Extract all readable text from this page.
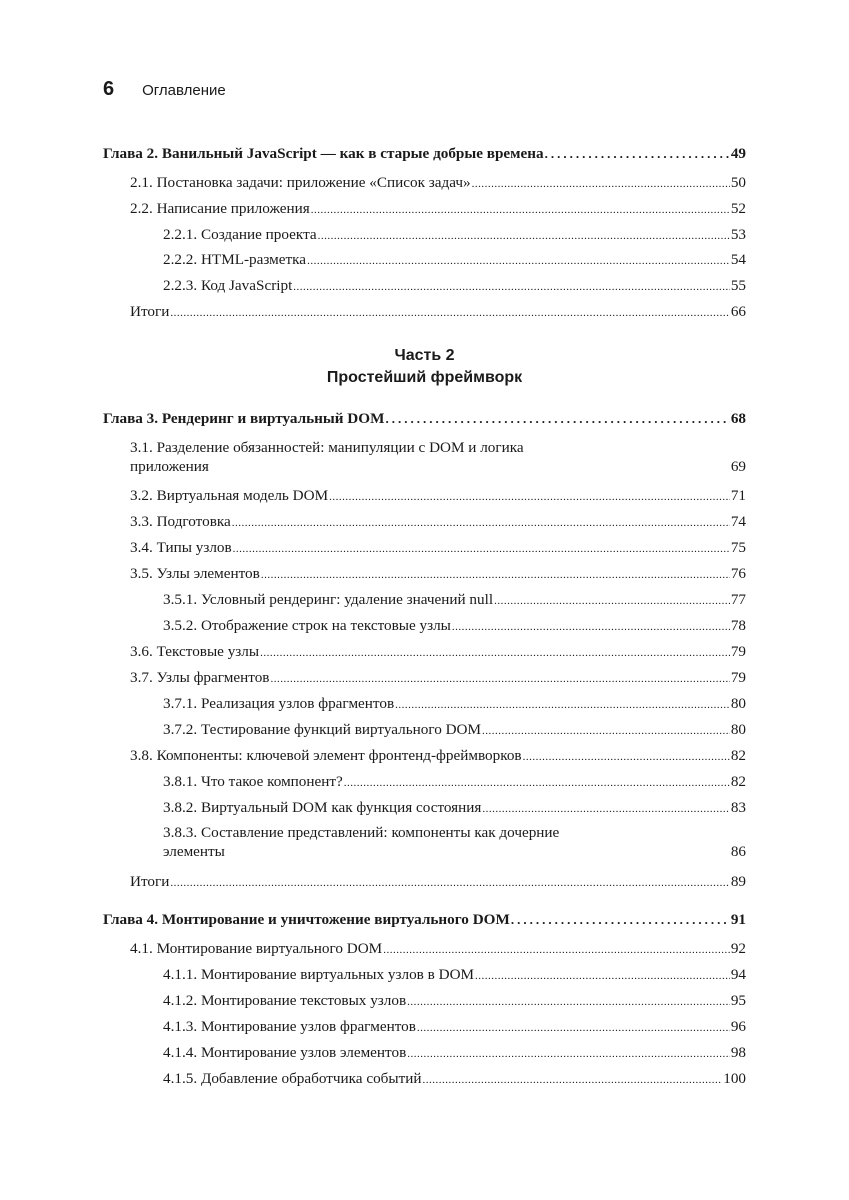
6 Оглавление
Глава 2. Ванильный JavaScript — как в старые добрые времена .....	49
2.1. Постановка задачи: приложение «Список задач» .....	50
2.2. Написание приложения .....	52
2.2.1. Создание проекта .....	53
2.2.2. HTML-разметка .....	54
2.2.3. Код JavaScript .....	55
Итоги .....	66
Часть 2
Простейший фреймворк
Глава 3. Рендеринг и виртуальный DOM .....	68
3.1. Разделение обязанностей: манипуляции с DOM и логика
приложения	69
3.2. Виртуальная модель DOM .....	71
3.3. Подготовка .....	74
3.4. Типы узлов .....	75
3.5. Узлы элементов .....	76
3.5.1. Условный рендеринг: удаление значений null .....	77
3.5.2. Отображение строк на текстовые узлы .....	78
3.6. Текстовые узлы .....	79
3.7. Узлы фрагментов .....	79
3.7.1. Реализация узлов фрагментов .....	80
3.7.2. Тестирование функций виртуального DOM .....	80
3.8. Компоненты: ключевой элемент фронтенд-фреймворков .....	82
3.8.1. Что такое компонент? .....	82
3.8.2. Виртуальный DOM как функция состояния .....	83
3.8.3. Составление представлений: компоненты как дочерние
элементы	86
Итоги .....	89
Глава 4. Монтирование и уничтожение виртуального DOM .....	91
4.1. Монтирование виртуального DOM .....	92
4.1.1. Монтирование виртуальных узлов в DOM .....	94
4.1.2. Монтирование текстовых узлов .....	95
4.1.3. Монтирование узлов фрагментов .....	96
4.1.4. Монтирование узлов элементов .....	98
4.1.5. Добавление обработчика событий .....	100
